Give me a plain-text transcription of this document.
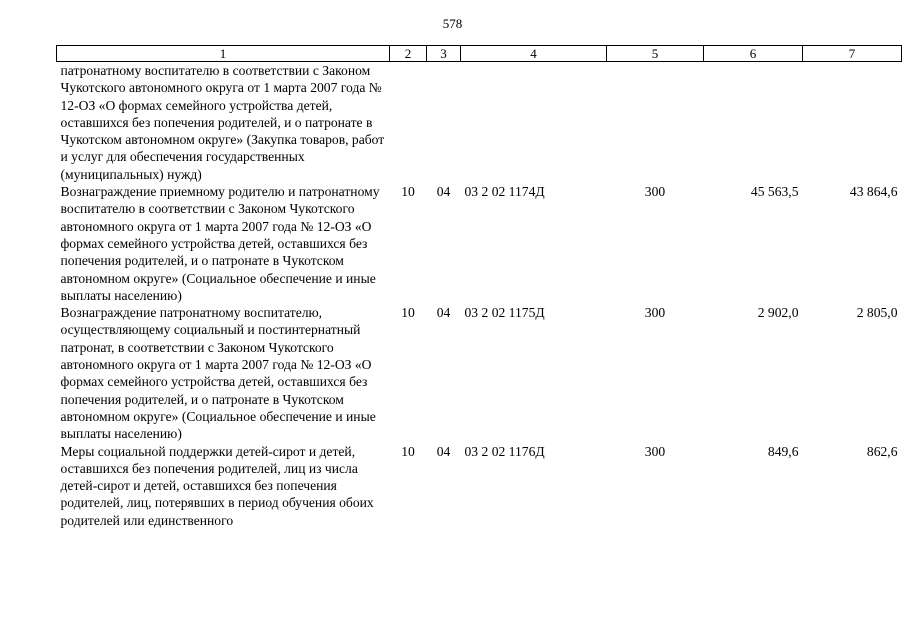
578
1	2	3	4	5	6	7
патронатному воспитателю в соответствии с Законом Чукотского автономного округа от 1 марта 2007 года № 12-ОЗ «О формах семейного устройства детей, оставшихся без попечения родителей, и о патронате в Чукотском автономном округе» (Закупка товаров, работ и услуг для обеспечения государственных (муниципальных) нужд)						
Вознаграждение приемному родителю и патронатному воспитателю в соответствии с Законом Чукотского автономного округа от 1 марта 2007 года № 12-ОЗ «О формах семейного устройства детей, оставшихся без попечения родителей, и о патронате в Чукотском автономном округе» (Социальное обеспечение и иные выплаты населению)	10	04	03 2 02 1174Д	300	45 563,5	43 864,6
Вознаграждение патронатному воспитателю, осуществляющему социальный и постинтернатный патронат, в соответствии с Законом Чукотского автономного округа от 1 марта 2007 года № 12-ОЗ «О формах семейного устройства детей, оставшихся без попечения родителей, и о патронате в Чукотском автономном округе» (Социальное обеспечение и иные выплаты населению)	10	04	03 2 02 1175Д	300	2 902,0	2 805,0
Меры социальной поддержки детей-сирот и детей, оставшихся без попечения родителей, лиц из числа детей-сирот и детей, оставшихся без попечения родителей, лиц, потерявших в период обучения обоих родителей или единственного	10	04	03 2 02 1176Д	300	849,6	862,6
